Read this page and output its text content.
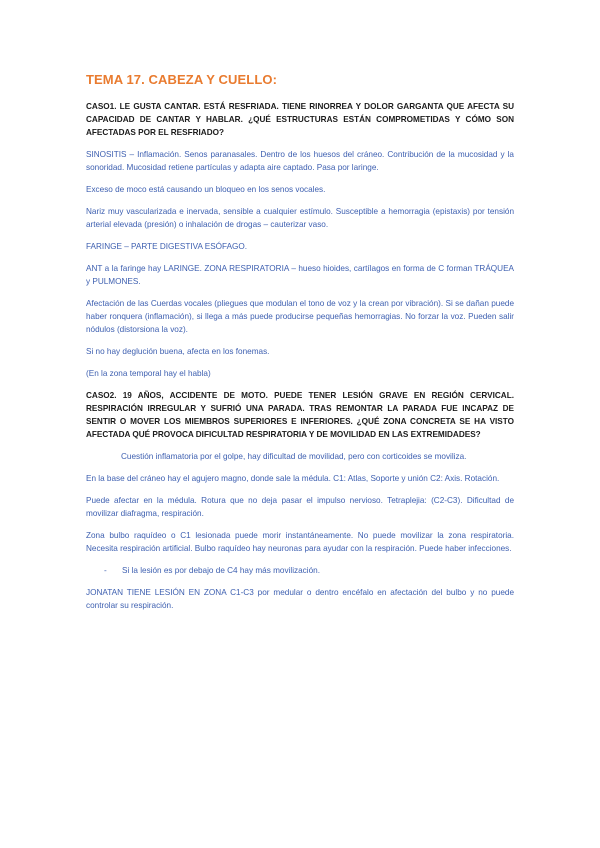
TEMA 17. CABEZA Y CUELLO:

CASO1. LE GUSTA CANTAR. ESTÁ RESFRIADA. TIENE RINORREA Y DOLOR GARGANTA QUE AFECTA SU CAPACIDAD DE CANTAR Y HABLAR. ¿QUÉ ESTRUCTURAS ESTÁN COMPROMETIDAS Y CÓMO SON AFECTADAS POR EL RESFRIADO?

SINOSITIS – Inflamación. Senos paranasales. Dentro de los huesos del cráneo. Contribución de la mucosidad y la sonoridad. Mucosidad retiene partículas y adapta aire captado. Pasa por laringe.

Exceso de moco está causando un bloqueo en los senos vocales.

Nariz muy vascularizada e inervada, sensible a cualquier estímulo. Susceptible a hemorragia (epistaxis) por tensión arterial elevada (presión) o inhalación de drogas – cauterizar vaso.

FARINGE – PARTE DIGESTIVA ESÓFAGO.

ANT a la faringe hay LARINGE. ZONA RESPIRATORIA – hueso hioides, cartílagos en forma de C forman TRÁQUEA y PULMONES.

Afectación de las Cuerdas vocales (pliegues que modulan el tono de voz y la crean por vibración). Si se dañan puede haber ronquera (inflamación), si llega a más puede producirse pequeñas hemorragias. No forzar la voz. Pueden salir nódulos (distorsiona la voz).

Si no hay deglución buena, afecta en los fonemas.

(En la zona temporal hay el habla)

CASO2. 19 AÑOS, ACCIDENTE DE MOTO. PUEDE TENER LESIÓN GRAVE EN REGIÓN CERVICAL. RESPIRACIÓN IRREGULAR Y SUFRIÓ UNA PARADA. TRAS REMONTAR LA PARADA FUE INCAPAZ DE SENTIR O MOVER LOS MIEMBROS SUPERIORES E INFERIORES. ¿QUÉ ZONA CONCRETA SE HA VISTO AFECTADA QUÉ PROVOCA DIFICULTAD RESPIRATORIA Y DE MOVILIDAD EN LAS EXTREMIDADES?

Cuestión inflamatoria por el golpe, hay dificultad de movilidad, pero con corticoides se moviliza.

En la base del cráneo hay el agujero magno, donde sale la médula. C1: Atlas, Soporte y unión C2: Axis. Rotación.

Puede afectar en la médula. Rotura que no deja pasar el impulso nervioso. Tetraplejia: (C2-C3). Dificultad de movilizar diafragma, respiración.

Zona bulbo raquídeo o C1 lesionada puede morir instantáneamente. No puede movilizar la zona respiratoria. Necesita respiración artificial. Bulbo raquídeo hay neuronas para ayudar con la respiración. Puede haber infecciones.

-	Si la lesión es por debajo de C4 hay más movilización.

JONATAN TIENE LESIÓN EN ZONA C1-C3 por medular o dentro encéfalo en afectación del bulbo y no puede controlar su respiración.
